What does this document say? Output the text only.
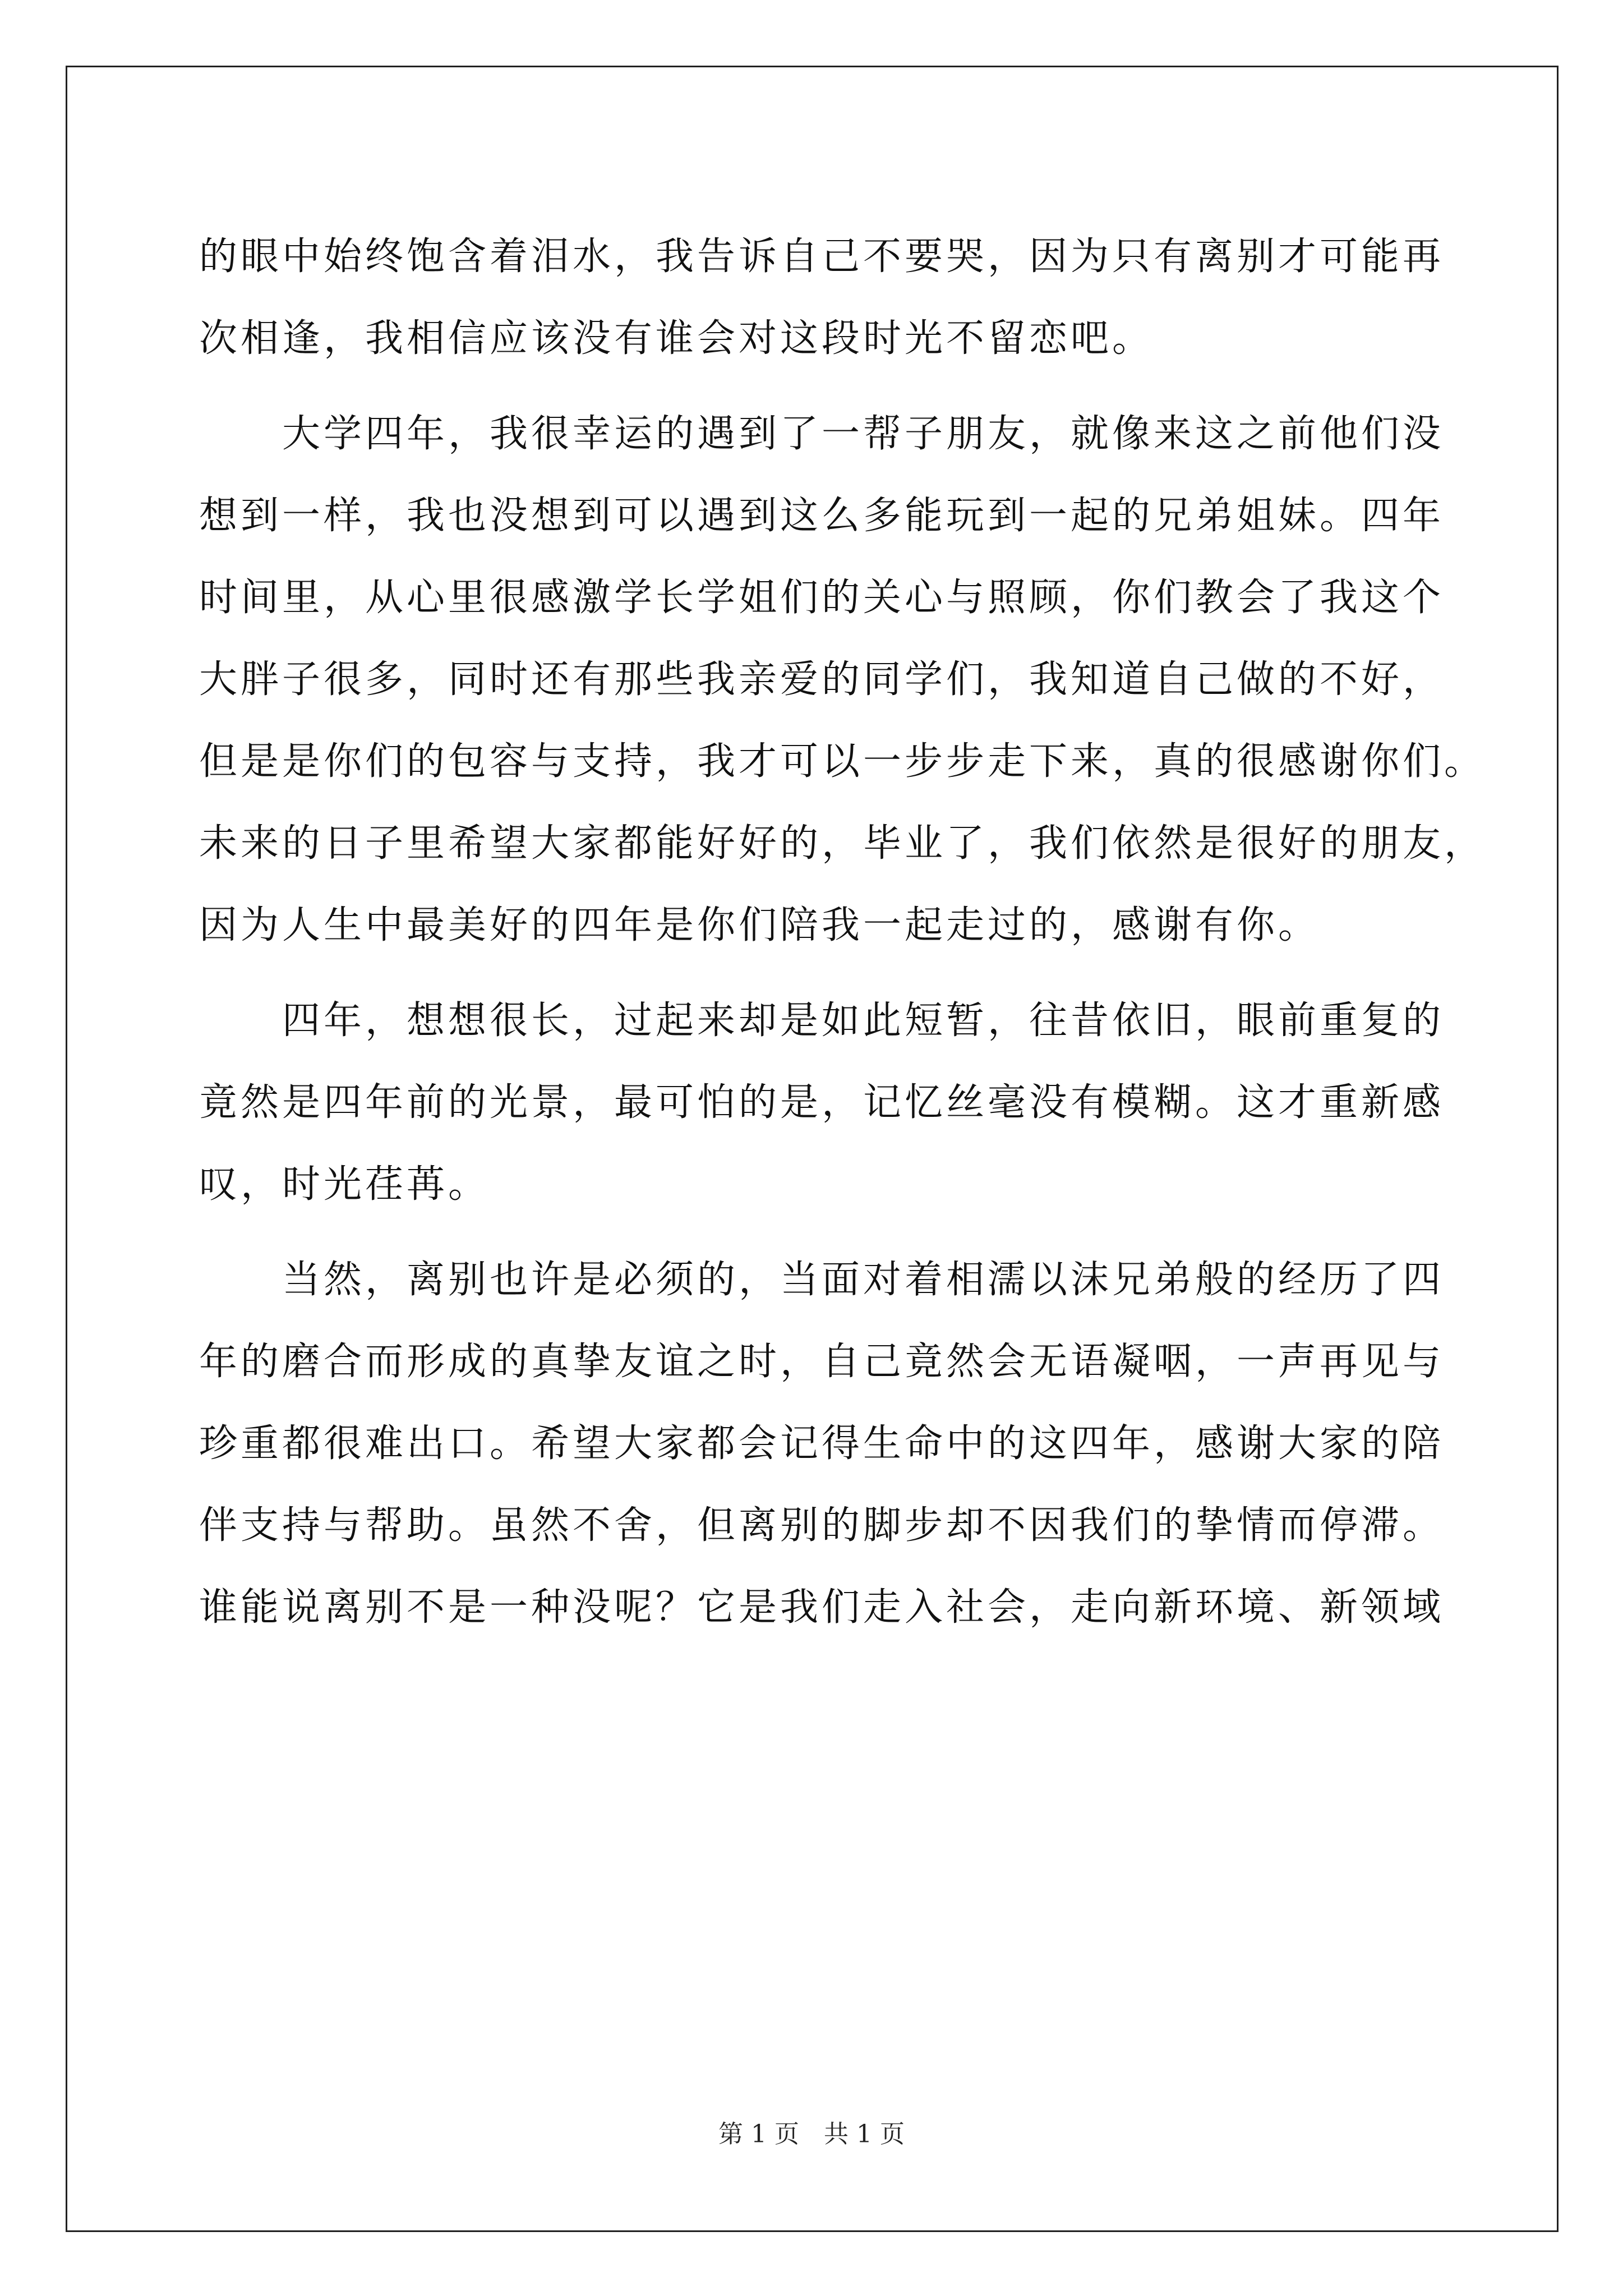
的眼中始终饱含着泪水，我告诉自己不要哭，因为只有离别才可能再
次相逢，我相信应该没有谁会对这段时光不留恋吧。
　　大学四年，我很幸运的遇到了一帮子朋友，就像来这之前他们没
想到一样，我也没想到可以遇到这么多能玩到一起的兄弟姐妹。四年
时间里，从心里很感激学长学姐们的关心与照顾，你们教会了我这个
大胖子很多，同时还有那些我亲爱的同学们，我知道自己做的不好，
但是是你们的包容与支持，我才可以一步步走下来，真的很感谢你们。
未来的日子里希望大家都能好好的，毕业了，我们依然是很好的朋友，
因为人生中最美好的四年是你们陪我一起走过的，感谢有你。
　　四年，想想很长，过起来却是如此短暂，往昔依旧，眼前重复的
竟然是四年前的光景，最可怕的是，记忆丝毫没有模糊。这才重新感
叹，时光荏苒。
　　当然，离别也许是必须的，当面对着相濡以沫兄弟般的经历了四
年的磨合而形成的真挚友谊之时，自己竟然会无语凝咽，一声再见与
珍重都很难出口。希望大家都会记得生命中的这四年，感谢大家的陪
伴支持与帮助。虽然不舍，但离别的脚步却不因我们的挚情而停滞。
谁能说离别不是一种没呢？它是我们走入社会，走向新环境、新领域
第 1 页　共 1 页
